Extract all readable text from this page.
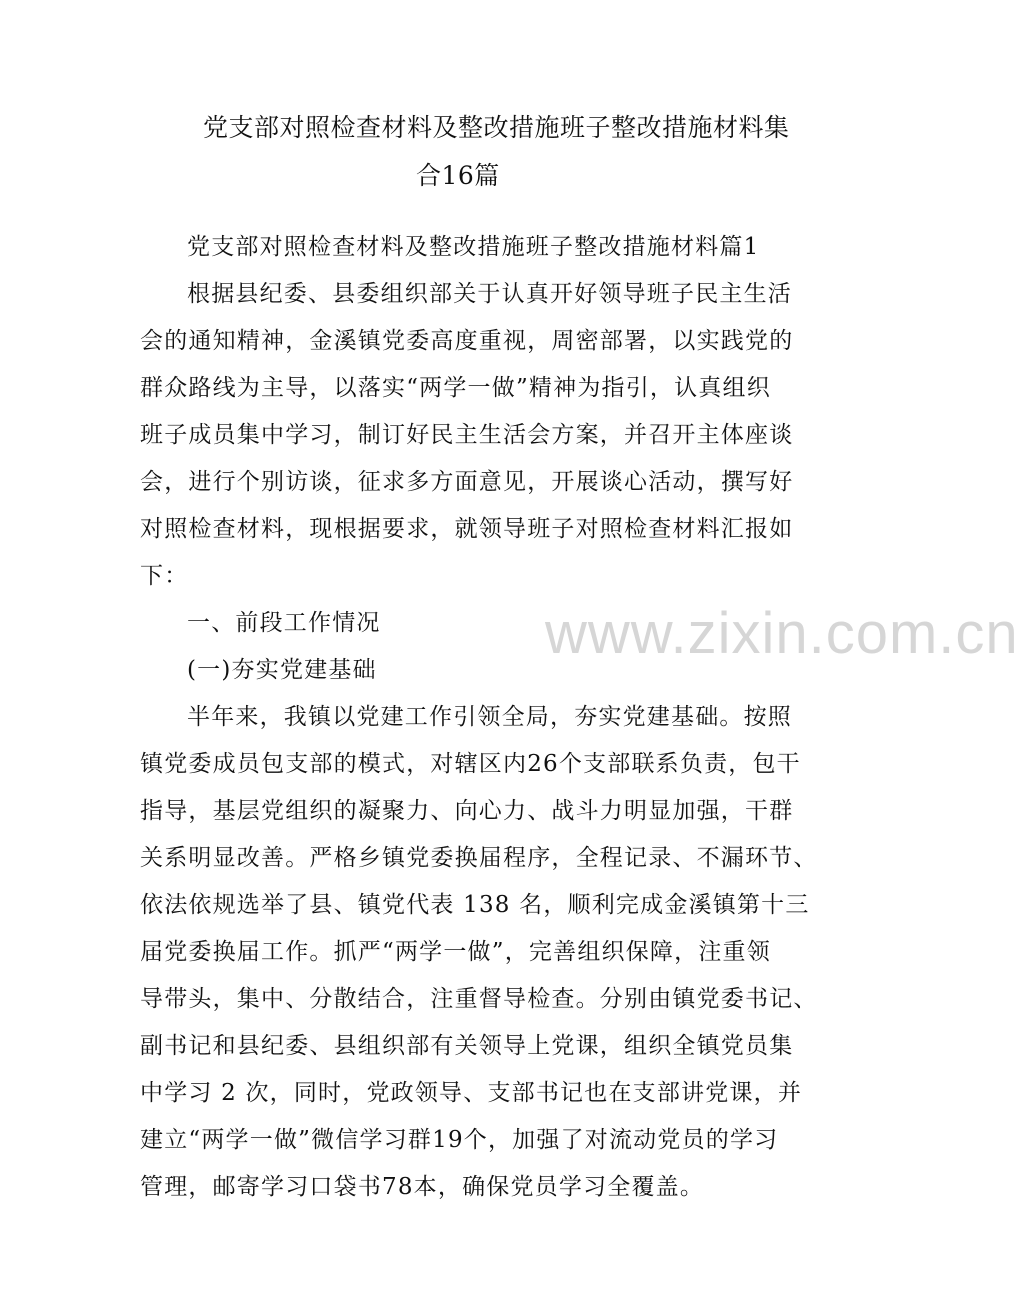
党支部对照检查材料及整改措施班子整改措施材料集
合16篇
党支部对照检查材料及整改措施班子整改措施材料篇1
根据县纪委、县委组织部关于认真开好领导班子民主生活
会的通知精神，金溪镇党委高度重视，周密部署，以实践党的
群众路线为主导，以落实“两学一做”精神为指引，认真组织
班子成员集中学习，制订好民主生活会方案，并召开主体座谈
会，进行个别访谈，征求多方面意见，开展谈心活动，撰写好
对照检查材料，现根据要求，就领导班子对照检查材料汇报如
下：
一、前段工作情况
(一)夯实党建基础
半年来，我镇以党建工作引领全局，夯实党建基础。按照
镇党委成员包支部的模式，对辖区内26个支部联系负责，包干
指导，基层党组织的凝聚力、向心力、战斗力明显加强，干群
关系明显改善。严格乡镇党委换届程序，全程记录、不漏环节、
依法依规选举了县、镇党代表 138 名，顺利完成金溪镇第十三
届党委换届工作。抓严“两学一做”，完善组织保障，注重领
导带头，集中、分散结合，注重督导检查。分别由镇党委书记、
副书记和县纪委、县组织部有关领导上党课，组织全镇党员集
中学习 2 次，同时，党政领导、支部书记也在支部讲党课，并
建立“两学一做”微信学习群19个，加强了对流动党员的学习
管理，邮寄学习口袋书78本，确保党员学习全覆盖。
www.zixin.com.cn
